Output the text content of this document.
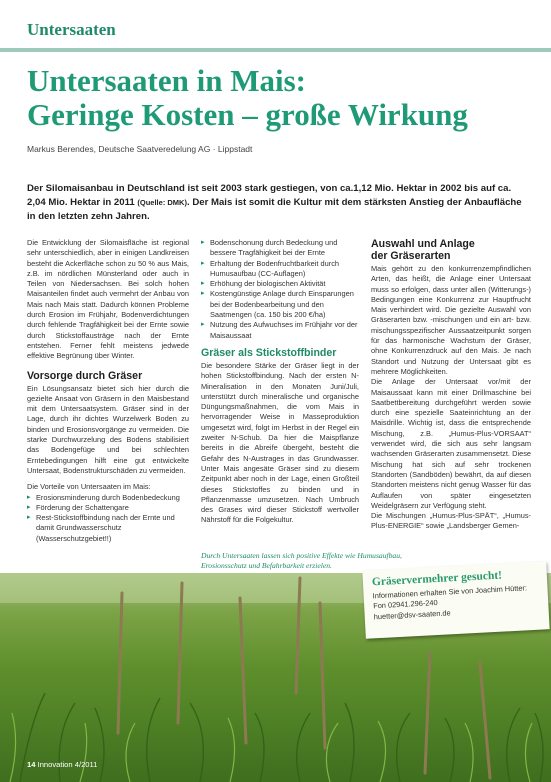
Untersaaten
Untersaaten in Mais:
Geringe Kosten – große Wirkung
Markus Berendes, Deutsche Saatveredelung AG · Lippstadt
Der Silomaisanbau in Deutschland ist seit 2003 stark gestiegen, von ca.1,12 Mio. Hektar in 2002 bis auf ca. 2,04 Mio. Hektar in 2011 (Quelle: DMK). Der Mais ist somit die Kultur mit dem stärksten Anstieg der Anbaufläche in den letzten zehn Jahren.

Die Entwicklung der Silomaisfläche ist regional sehr unterschiedlich, aber in einigen Landkreisen besteht die Ackerfläche schon zu 50 % aus Mais, z.B. im nördlichen Münsterland oder auch in Teilen von Niedersachsen. Bei solch hohen Maisanteilen findet auch vermehrt der Anbau von Mais nach Mais statt. Dadurch können Probleme durch Erosion im Frühjahr, Bodenverdichtungen durch fehlende Tragfähigkeit bei der Ernte sowie durch Stickstoffausträge nach der Ernte entstehen. Ferner fehlt meistens jedwede effektive Begrünung über Winter.

Vorsorge durch Gräser

Ein Lösungsansatz bietet sich hier durch die gezielte Ansaat von Gräsern in den Maisbestand mit dem Untersaatsystem. Gräser sind in der Lage, durch ihr dichtes Wurzelwerk Boden zu binden und Erosionsvorgänge zu vermeiden. Die starke Durchwurzelung des Bodens stabilisiert das Bodengefüge und bei schlechten Erntebedingungen hilft eine gut entwickelte Untersaat, Bodenstrukturschäden zu vermeiden.

Die Vorteile von Untersaaten im Mais:

▸ Erosionsminderung durch Bodenbedeckung
▸ Förderung der Schattengare
▸ Rest-Stickstoffbindung nach der Ernte und damit Grundwasserschutz (Wasserschutzgebiet!!)
▸ Bodenschonung durch Bedeckung und bessere Tragfähigkeit bei der Ernte
▸ Erhaltung der Bodenfruchtbarkeit durch Humusaufbau (CC-Auflagen)
▸ Erhöhung der biologischen Aktivität
▸ Kostengünstige Anlage durch Einsparungen bei der Bodenbearbeitung und den Saatmengen (ca. 150 bis 200 €/ha)
▸ Nutzung des Aufwuchses im Frühjahr vor der Maisaussaat
Gräser als Stickstoffbinder

Die besondere Stärke der Gräser liegt in der hohen Stickstoffbindung. Nach der ersten N-Mineralisation in den Monaten Juni/Juli, unterstützt durch mineralische und organische Düngungsmaßnahmen, die vom Mais in hervorragender Weise in Masseproduktion umgesetzt wird, folgt im Herbst in der Regel ein zweiter N-Schub. Da hier die Maispflanze bereits in die Abreife übergeht, besteht die Gefahr des N-Austrages in das Grundwasser. Unter Mais angesäte Gräser sind zu diesem Zeitpunkt aber noch in der Lage, einen Großteil dieses Stickstoffes zu binden und in Pflanzenmasse umzusetzen. Nach Umbruch des Grases wird dieser Stickstoff wertvoller Nährstoff für die Folgekultur.

Auswahl und Anlage
der Gräserarten

Mais gehört zu den konkurrenzempfindlichen Arten, das heißt, die Anlage einer Untersaat muss so erfolgen, dass unter allen (Witterungs-) Bedingungen eine Konkurrenz zur Hauptfrucht Mais verhindert wird. Die gezielte Auswahl von Gräserarten bzw. -mischungen und ein art- bzw. mischungsspezifischer Aussaatzeitpunkt sorgen für das harmonische Wachstum der Gräser, ohne Konkurrenzdruck auf den Mais. Je nach Standort und Nutzung der Untersaat gibt es mehrere Möglichkeiten.

Die Anlage der Untersaat vor/mit der Maisaussaat kann mit einer Drillmaschine bei Saatbettbereitung durchgeführt werden sowie durch eine spezielle Saateinrichtung an der Maisdrille. Wichtig ist, dass die entsprechende Mischung, z.B. „Humus-Plus-VORSAAT“ verwendet wird, die sich aus sehr langsam wachsenden Gräserarten zusammensetzt. Diese Mischung hat sich auf sehr trockenen Standorten (Sandböden) bewährt, da auf diesen Standorten meistens nicht genug Wasser für das Auflaufen von später eingesetzten Weidelgräsern zur Verfügung steht.

Die Mischungen „Humus-Plus-SPÄT“, „Humus-Plus-ENERGIE“ sowie „Landsberger Gemen-

Durch Untersaaten lassen sich positive Effekte wie Humusaufbau,
Erosionsschutz und Befahrbarkeit erzielen.
Gräservermehrer gesucht!
Informationen erhalten Sie von Joachim Hütter:
Fon 02941.296-240
huetter@dsv-saaten.de
14 Innovation 4/2011
